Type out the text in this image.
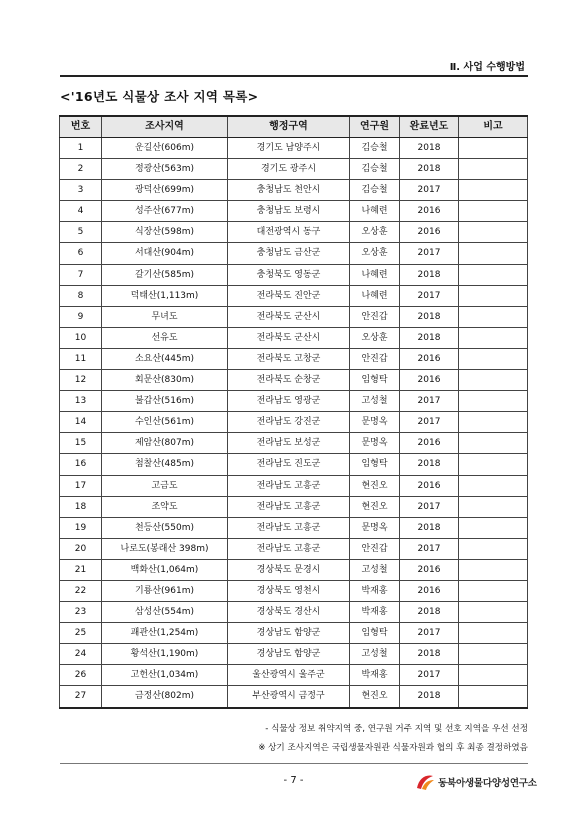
Ⅱ. 사업 수행방법
<'16년도 식물상 조사 지역 목록>
번호	조사지역	행정구역	연구원	완료년도	비고
1	운길산(606m)	경기도 남양주시	김승철	2018	
2	정광산(563m)	경기도 광주시	김승철	2018	
3	광덕산(699m)	충청남도 천안시	김승철	2017	
4	성주산(677m)	충청남도 보령시	나혜련	2016	
5	식장산(598m)	대전광역시 동구	오상훈	2016	
6	서대산(904m)	충청남도 금산군	오상훈	2017	
7	갈기산(585m)	충청북도 영동군	나혜련	2018	
8	덕태산(1,113m)	전라북도 진안군	나혜련	2017	
9	무녀도	전라북도 군산시	안진갑	2018	
10	선유도	전라북도 군산시	오상훈	2018	
11	소요산(445m)	전라북도 고창군	안진갑	2016	
12	회문산(830m)	전라북도 순창군	임형탁	2016	
13	불갑산(516m)	전라남도 영광군	고성철	2017	
14	수인산(561m)	전라남도 강진군	문명옥	2017	
15	제암산(807m)	전라남도 보성군	문명옥	2016	
16	첨찰산(485m)	전라남도 진도군	임형탁	2018	
17	고금도	전라남도 고흥군	현진오	2016	
18	조약도	전라남도 고흥군	현진오	2017	
19	천등산(550m)	전라남도 고흥군	문명옥	2018	
20	나로도(봉래산 398m)	전라남도 고흥군	안진갑	2017	
21	백화산(1,064m)	경상북도 문경시	고성철	2016	
22	기룡산(961m)	경상북도 영천시	박재홍	2016	
23	삼성산(554m)	경상북도 경산시	박재홍	2018	
25	괘관산(1,254m)	경상남도 함양군	임형탁	2017	
24	황석산(1,190m)	경상남도 함양군	고성철	2018	
26	고헌산(1,034m)	울산광역시 울주군	박재홍	2017	
27	금정산(802m)	부산광역시 금정구	현진오	2018	
- 식물상 정보 취약지역 중, 연구원 거주 지역 및 선호 지역을 우선 선정
※ 상기 조사지역은 국립생물자원관 식물자원과 협의 후 최종 결정하였음
- 7 -	동북아생물다양성연구소
